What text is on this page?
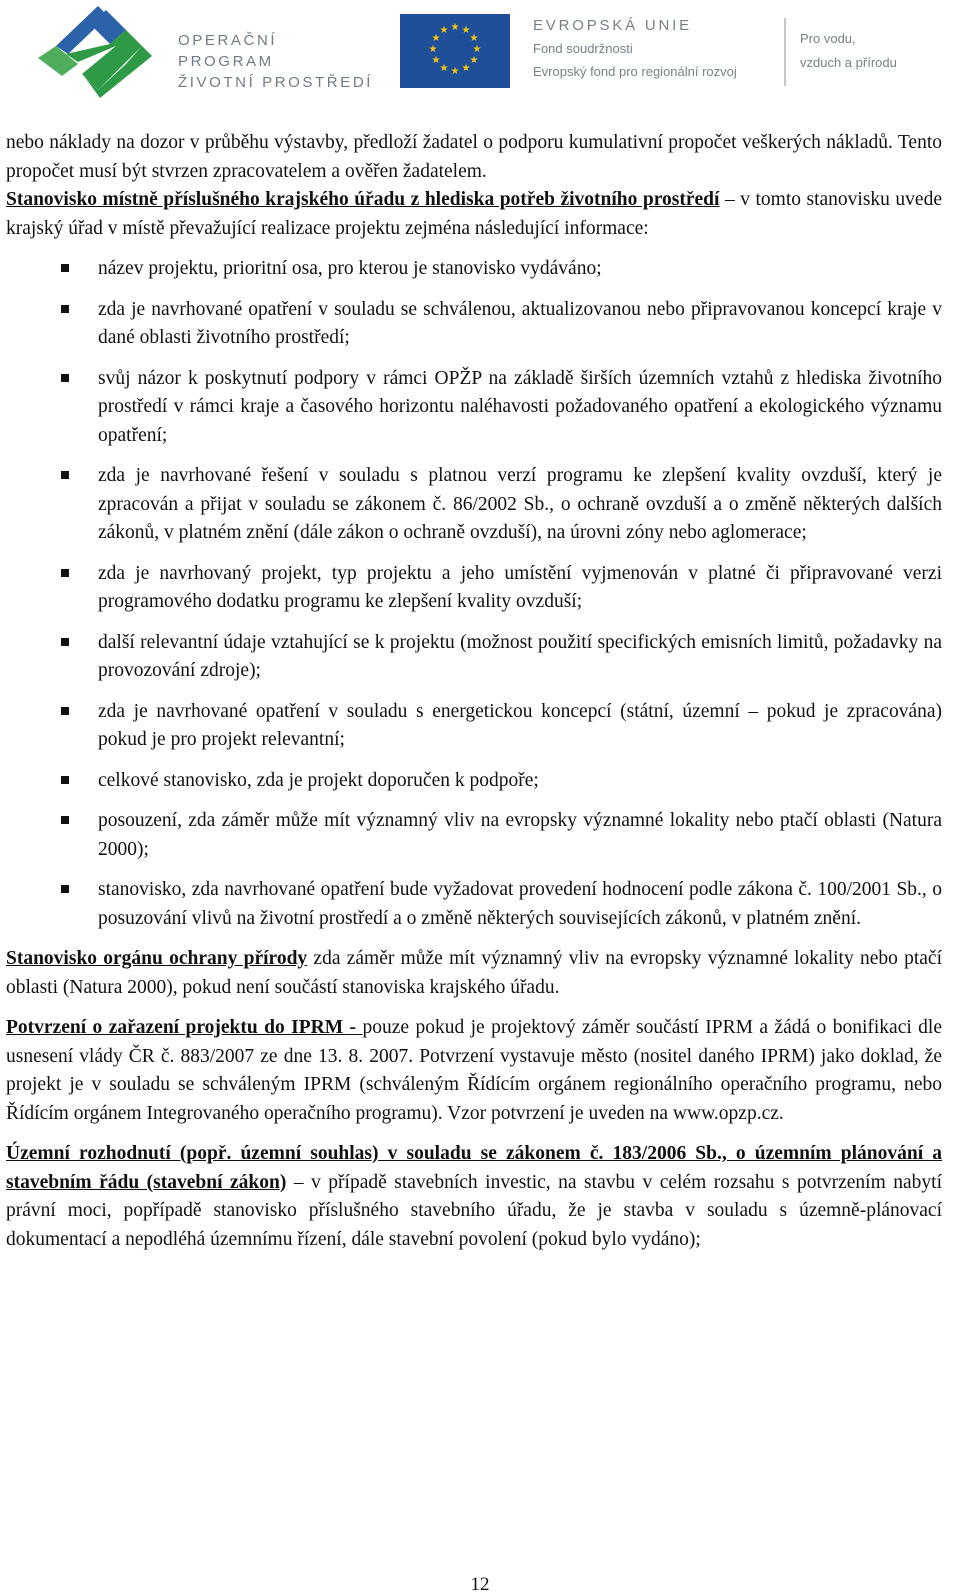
OPERAČNÍ PROGRAM
ŽIVOTNÍ PROSTŘEDÍ
★ ★
★
★
★
★
★
★
★
★
★
★	EVROPSKÁ UNIE
Fond soudržnosti
Evropský fond pro regionální rozvoj
Pro vodu,
vzduch a přírodu

nebo náklady na dozor v průběhu výstavby, předloží žadatel o podporu kumulativní propočet veškerých nákladů. Tento propočet musí být stvrzen zpracovatelem a ověřen žadatelem.

Stanovisko místně příslušného krajského úřadu z hlediska potřeb životního prostředí – v tomto stanovisku uvede krajský úřad v místě převažující realizace projektu zejména následující informace:

název projektu, prioritní osa, pro kterou je stanovisko vydáváno;
zda je navrhované opatření v souladu se schválenou, aktualizovanou nebo připravovanou koncepcí kraje v dané oblasti životního prostředí;
svůj názor k poskytnutí podpory v rámci OPŽP na základě širších územních vztahů z hlediska životního prostředí v rámci kraje a časového horizontu naléhavosti požadovaného opatření a ekologického významu opatření;
zda je navrhované řešení v souladu s platnou verzí programu ke zlepšení kvality ovzduší, který je zpracován a přijat v souladu se zákonem č. 86/2002 Sb., o ochraně ovzduší a o změně některých dalších zákonů, v platném znění (dále zákon o ochraně ovzduší), na úrovni zóny nebo aglomerace;
zda je navrhovaný projekt, typ projektu a jeho umístění vyjmenován v platné či připravované verzi programového dodatku programu ke zlepšení kvality ovzduší;
další relevantní údaje vztahující se k projektu (možnost použití specifických emisních limitů, požadavky na provozování zdroje);
zda je navrhované opatření v souladu s energetickou koncepcí (státní, územní – pokud je zpracována) pokud je pro projekt relevantní;
celkové stanovisko, zda je projekt doporučen k podpoře;
posouzení, zda záměr může mít významný vliv na evropsky významné lokality nebo ptačí oblasti (Natura 2000);
stanovisko, zda navrhované opatření bude vyžadovat provedení hodnocení podle zákona č. 100/2001 Sb., o posuzování vlivů na životní prostředí a o změně některých souvisejících zákonů, v platném znění.

Stanovisko orgánu ochrany přírody zda záměr může mít významný vliv na evropsky významné lokality nebo ptačí oblasti (Natura 2000), pokud není součástí stanoviska krajského úřadu.

Potvrzení o zařazení projektu do IPRM - pouze pokud je projektový záměr součástí IPRM a žádá o bonifikaci dle usnesení vlády ČR č. 883/2007 ze dne 13. 8. 2007. Potvrzení vystavuje město (nositel daného IPRM) jako doklad, že projekt je v souladu se schváleným IPRM (schváleným Řídícím orgánem regionálního operačního programu, nebo Řídícím orgánem Integrovaného operačního programu). Vzor potvrzení je uveden na www.opzp.cz.

Územní rozhodnutí (popř. územní souhlas) v souladu se zákonem č. 183/2006 Sb., o územním plánování a stavebním řádu (stavební zákon) – v případě stavebních investic, na stavbu v celém rozsahu s potvrzením nabytí právní moci, popřípadě stanovisko příslušného stavebního úřadu, že je stavba v souladu s územně-plánovací dokumentací a nepodléhá územnímu řízení, dále stavební povolení (pokud bylo vydáno);

12
